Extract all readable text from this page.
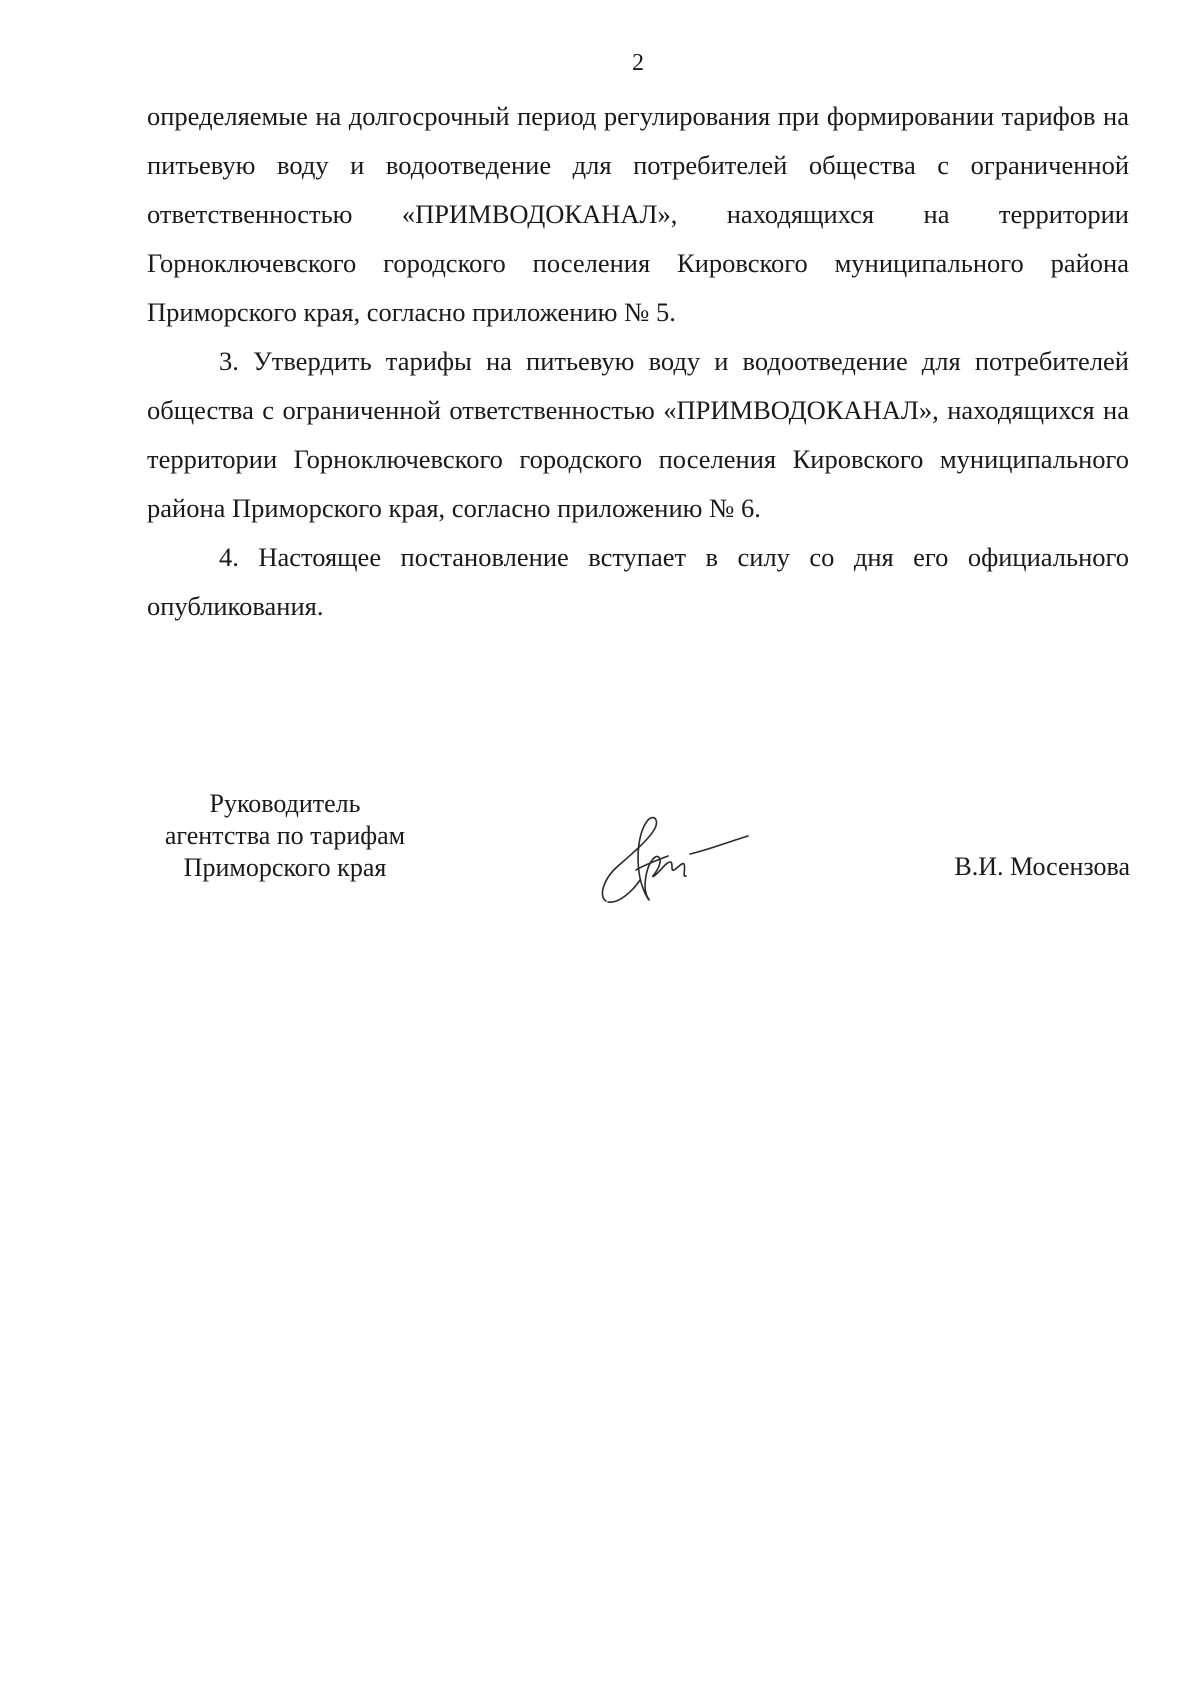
2

определяемые на долгосрочный период регулирования при формировании тарифов на питьевую воду и водоотведение для потребителей общества с ограниченной ответственностью «ПРИМВОДОКАНАЛ», находящихся на территории Горноключевского городского поселения Кировского муниципального района Приморского края, согласно приложению № 5.

3. Утвердить тарифы на питьевую воду и водоотведение для потребителей общества с ограниченной ответственностью «ПРИМВОДОКАНАЛ», находящихся на территории Горноключевского городского поселения Кировского муниципального района Приморского края, согласно приложению № 6.

4. Настоящее постановление вступает в силу со дня его официального опубликования.

Руководитель
агентства по тарифам
Приморского края	В.И. Мосензова
